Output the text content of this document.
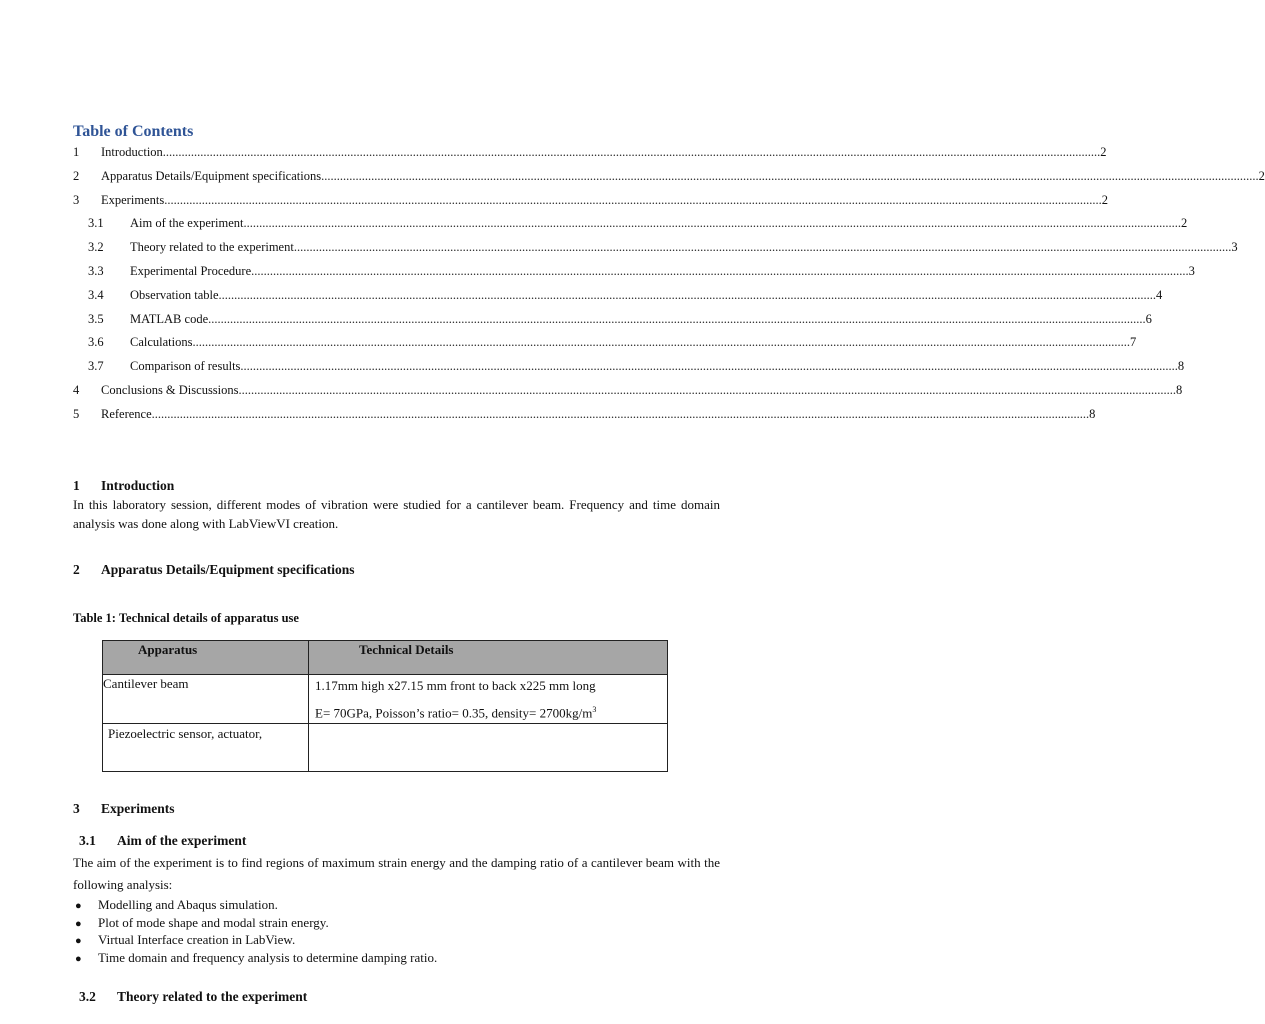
Table of Contents
1	Introduction ............................................................................................................................................................................................................................................................................................................ 2
2	Apparatus Details/Equipment specifications ............................................................................................................................................................................................................................................................................................................ 2
3	Experiments ............................................................................................................................................................................................................................................................................................................ 2
3.1	Aim of the experiment ............................................................................................................................................................................................................................................................................................................ 2
3.2	Theory related to the experiment ............................................................................................................................................................................................................................................................................................................ 3
3.3	Experimental Procedure ............................................................................................................................................................................................................................................................................................................ 3
3.4	Observation table ............................................................................................................................................................................................................................................................................................................ 4
3.5	MATLAB code ............................................................................................................................................................................................................................................................................................................ 6
3.6	Calculations ............................................................................................................................................................................................................................................................................................................ 7
3.7	Comparison of results ............................................................................................................................................................................................................................................................................................................ 8
4	Conclusions & Discussions ............................................................................................................................................................................................................................................................................................................ 8
5	Reference ............................................................................................................................................................................................................................................................................................................ 8
1 Introduction
In this laboratory session, different modes of vibration were studied for a cantilever beam. Frequency and time domain analysis was done along with LabViewVI creation.
2 Apparatus Details/Equipment specifications
Table 1: Technical details of apparatus use
Apparatus	Technical Details
Cantilever beam	1.17mm high x27.15 mm front to back x225 mm long
E= 70GPa, Poisson’s ratio= 0.35, density= $2700kg/m^3$

Piezoelectric sensor, actuator,	
3 Experiments
3.1 Aim of the experiment
The aim of the experiment is to find regions of maximum strain energy and the damping ratio of a cantilever beam with the following analysis:
●	Modelling and Abaqus simulation.
●	Plot of mode shape and modal strain energy.
●	Virtual Interface creation in LabView.
●	Time domain and frequency analysis to determine damping ratio.
3.2 Theory related to the experiment
